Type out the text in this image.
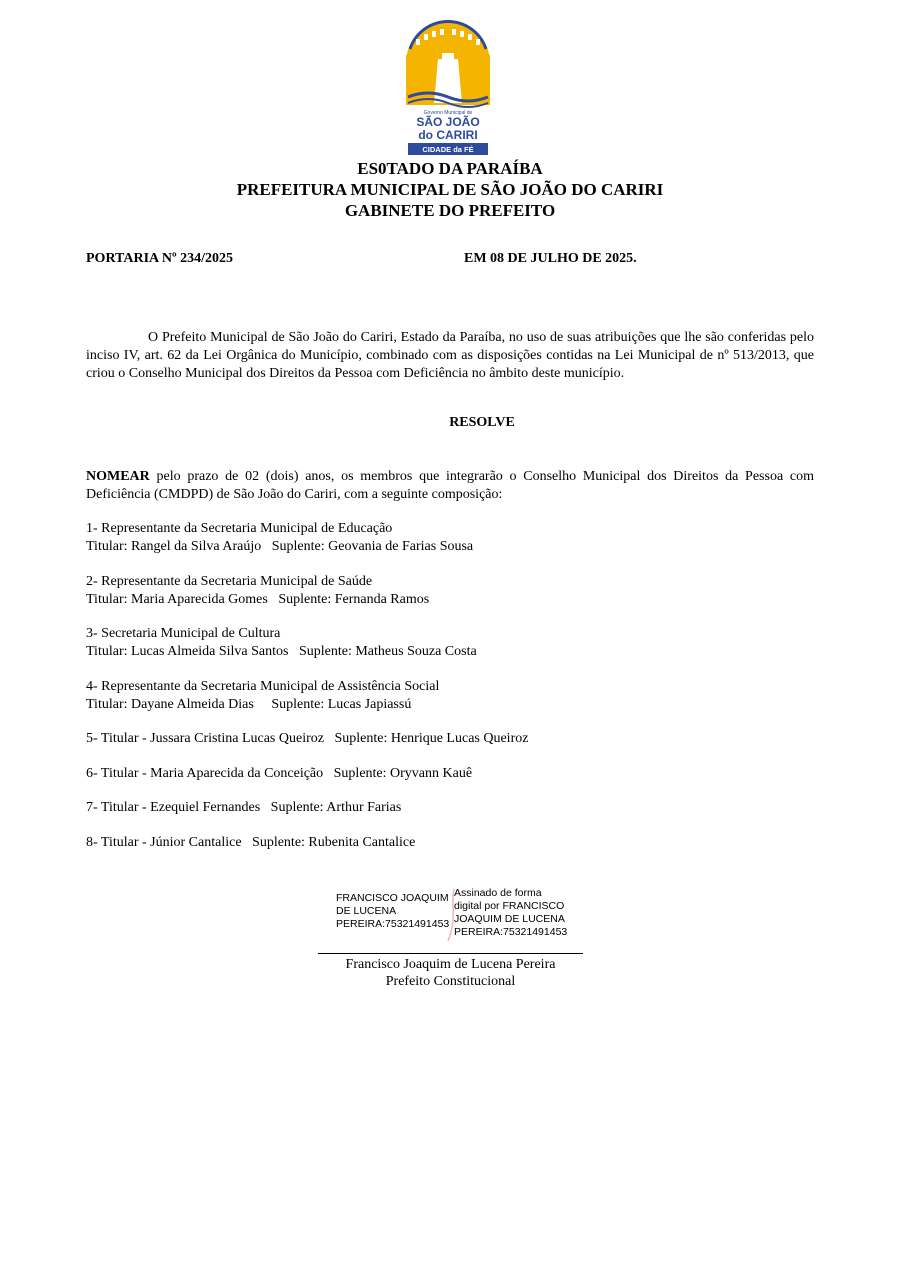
Governo Municipal de
SÃO JOÃO
do CARIRI
CIDADE da FÉ
ES0TADO DA PARAÍBA
PREFEITURA MUNICIPAL DE SÃO JOÃO DO CARIRI
GABINETE DO PREFEITO
PORTARIA Nº 234/2025	EM 08 DE JULHO DE 2025.
O Prefeito Municipal de São João do Cariri, Estado da Paraíba, no uso de suas atribuições que lhe são conferidas pelo inciso IV, art. 62 da Lei Orgânica do Município, combinado com as disposições contidas na Lei Municipal de nº 513/2013, que criou o Conselho Municipal dos Direitos da Pessoa com Deficiência no âmbito deste município.
RESOLVE
NOMEAR pelo prazo de 02 (dois) anos, os membros que integrarão o Conselho Municipal dos Direitos da Pessoa com Deficiência (CMDPD) de São João do Cariri, com a seguinte composição:
1- Representante da Secretaria Municipal de Educação
Titular: Rangel da Silva Araújo   Suplente: Geovania de Farias Sousa
2- Representante da Secretaria Municipal de Saúde
Titular: Maria Aparecida Gomes   Suplente: Fernanda Ramos
3- Secretaria Municipal de Cultura
Titular: Lucas Almeida Silva Santos   Suplente: Matheus Souza Costa
4- Representante da Secretaria Municipal de Assistência Social
Titular: Dayane Almeida Dias     Suplente: Lucas Japiassú
5- Titular - Jussara Cristina Lucas Queiroz   Suplente: Henrique Lucas Queiroz
6- Titular - Maria Aparecida da Conceição   Suplente: Oryvann Kauê
7- Titular - Ezequiel Fernandes   Suplente: Arthur Farias
8- Titular - Júnior Cantalice   Suplente: Rubenita Cantalice
FRANCISCO JOAQUIM
DE LUCENA
PEREIRA:75321491453
Assinado de forma
digital por FRANCISCO
JOAQUIM DE LUCENA
PEREIRA:75321491453
Francisco Joaquim de Lucena Pereira
Prefeito Constitucional
